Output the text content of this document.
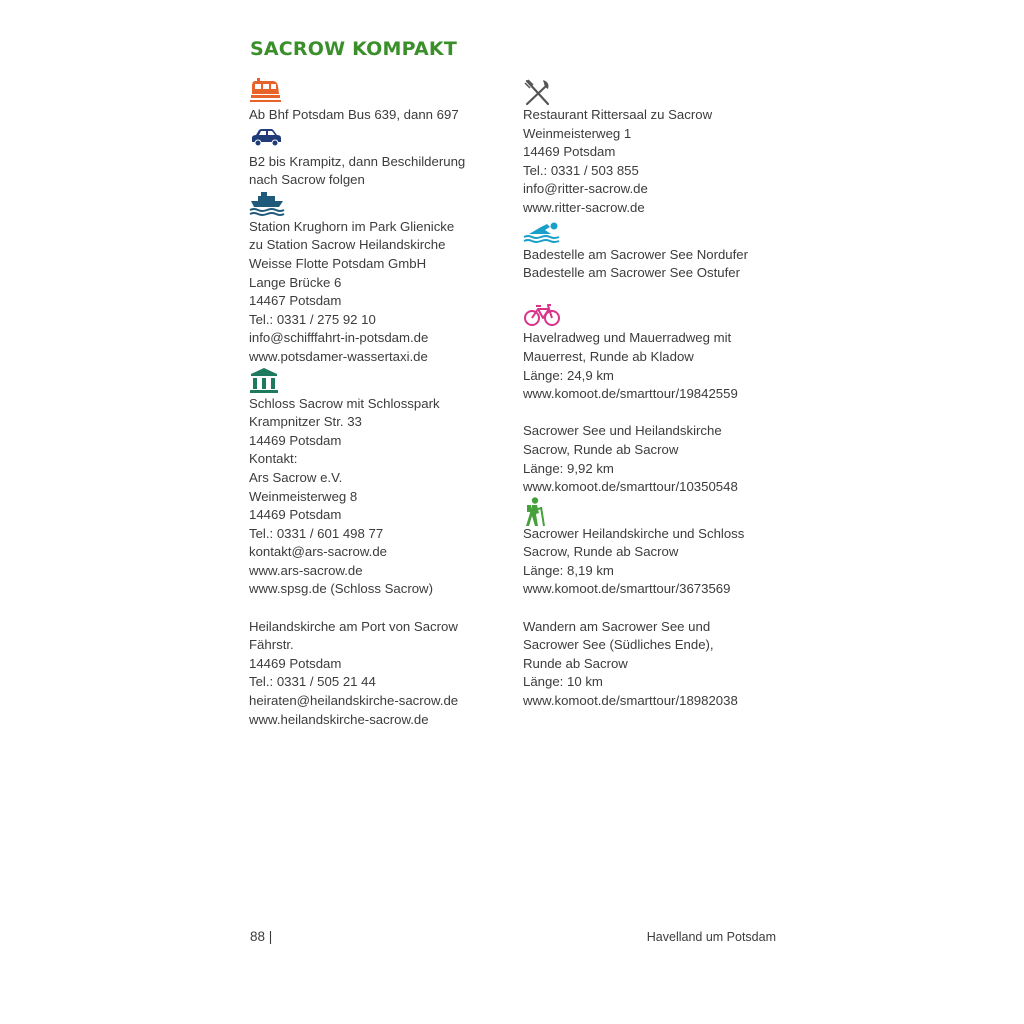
SACROW KOMPAKT
Ab Bhf Potsdam Bus 639, dann 697
B2 bis Krampitz, dann Beschilderung
nach Sacrow folgen
Station Krughorn im Park Glienicke
zu Station Sacrow Heilandskirche
Weisse Flotte Potsdam GmbH
Lange Brücke 6
14467 Potsdam
Tel.: 0331 / 275 92 10
info@schifffahrt-in-potsdam.de
www.potsdamer-wassertaxi.de
Schloss Sacrow mit Schlosspark
Krampnitzer Str. 33
14469 Potsdam
Kontakt:
Ars Sacrow e.V.
Weinmeisterweg 8
14469 Potsdam
Tel.: 0331 / 601 498 77
kontakt@ars-sacrow.de
www.ars-sacrow.de
www.spsg.de (Schloss Sacrow)
Heilandskirche am Port von Sacrow
Fährstr.
14469 Potsdam
Tel.: 0331 / 505 21 44
heiraten@heilandskirche-sacrow.de
www.heilandskirche-sacrow.de
Restaurant Rittersaal zu Sacrow
Weinmeisterweg 1
14469 Potsdam
Tel.: 0331 / 503 855
info@ritter-sacrow.de
www.ritter-sacrow.de
Badestelle am Sacrower See Nordufer
Badestelle am Sacrower See Ostufer
Havelradweg und Mauerradweg mit
Mauerrest, Runde ab Kladow
Länge: 24,9 km
www.komoot.de/smarttour/19842559
Sacrower See und Heilandskirche
Sacrow, Runde ab Sacrow
Länge: 9,92 km
www.komoot.de/smarttour/10350548
Sacrower Heilandskirche und Schloss
Sacrow, Runde ab Sacrow
Länge: 8,19 km
www.komoot.de/smarttour/3673569
Wandern am Sacrower See und
Sacrower See (Südliches Ende),
Runde ab Sacrow
Länge: 10 km
www.komoot.de/smarttour/18982038
88 |	Havelland um Potsdam
